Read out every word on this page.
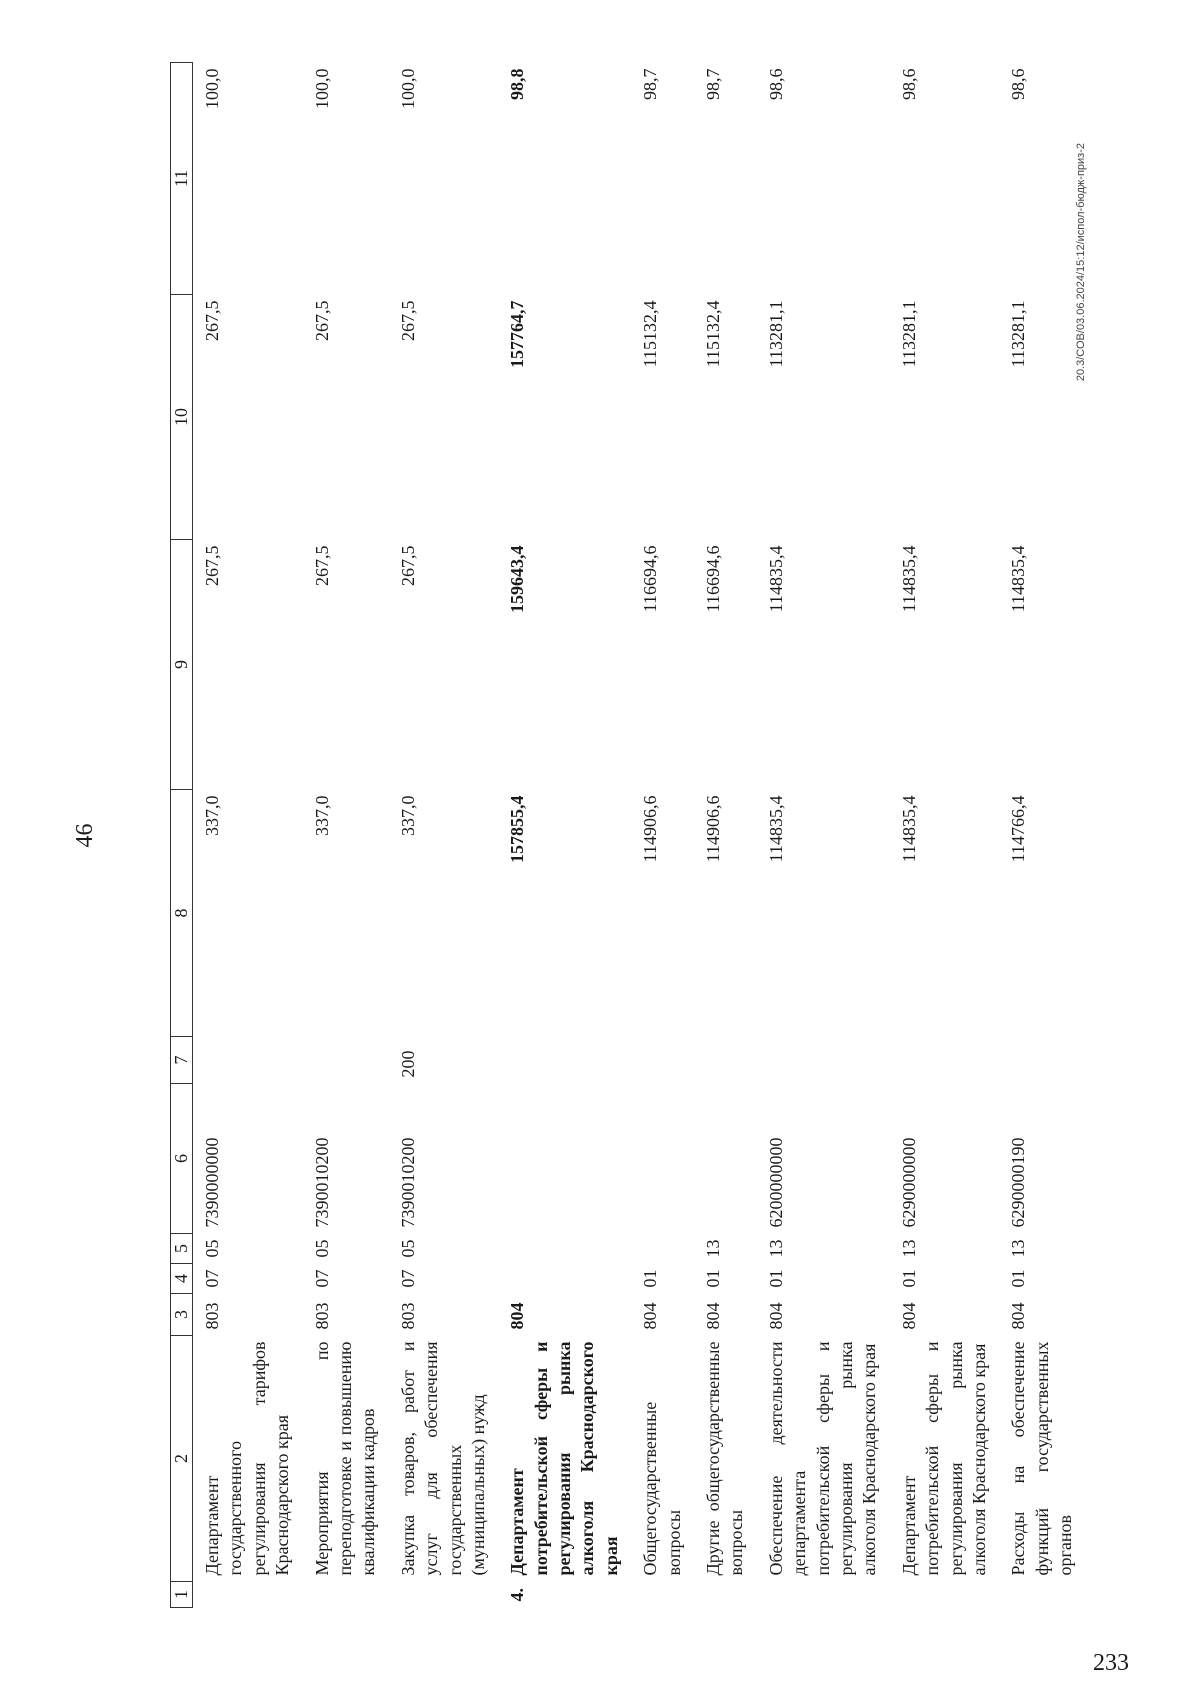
233
46
1	2	3	4	5	6	7	8	9	10	11
	Департамент государственного регулирования тарифов Краснодарского края	803	07	05	7390000000		337,0	267,5	267,5	100,0
	Мероприятия по переподготовке и повышению квалификации кадров	803	07	05	7390010200		337,0	267,5	267,5	100,0
	Закупка товаров, работ и услуг для обеспечения государственных (муниципальных) нужд	803	07	05	7390010200	200	337,0	267,5	267,5	100,0
4.	Департамент потребительской сферы и регулирования рынка алкоголя Краснодарского края	804					157855,4	159643,4	157764,7	98,8
	Общегосударственные вопросы	804	01				114906,6	116694,6	115132,4	98,7
	Другие общегосударственные вопросы	804	01	13			114906,6	116694,6	115132,4	98,7
	Обеспечение деятельности департамента потребительской сферы и регулирования рынка алкоголя Краснодарского края	804	01	13	6200000000		114835,4	114835,4	113281,1	98,6
	Департамент потребительской сферы и регулирования рынка алкоголя Краснодарского края	804	01	13	6290000000		114835,4	114835,4	113281,1	98,6
	Расходы на обеспечение функций государственных органов	804	01	13	6290000190		114766,4	114835,4	113281,1	98,6
20.3/СОВ/03.06.2024/15:12/испол-бюдж-приз-2
